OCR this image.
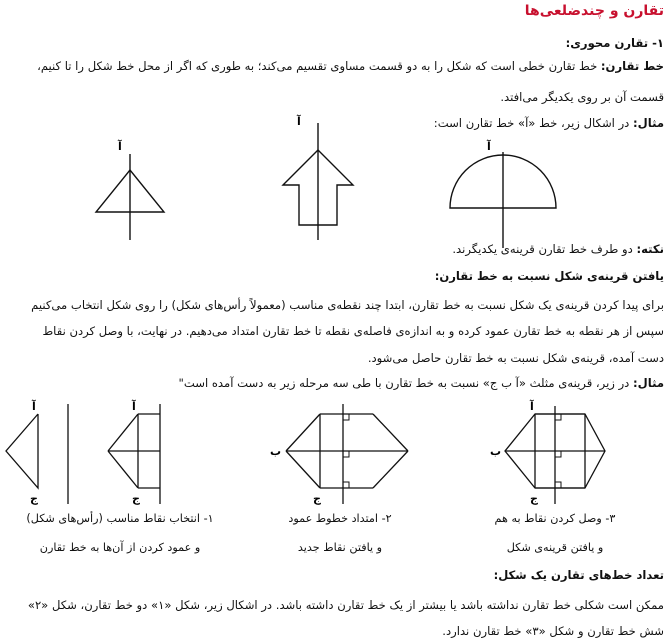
تقارن و چندضلعی‌ها
۱- تقارن محوری:
خط تقارن: خط تقارن خطی است که شکل را به دو قسمت مساوی تقسیم می‌کند؛ به طوری که اگر از محل خط شکل را تا کنیم،
قسمت آن بر روی یکدیگر می‌افتد.
مثال: در اشکال زیر، خط «آ» خط تقارن است:
آ
آ
آ
نکته: دو طرف خط تقارن قرینه‌ی یکدیگرند.
یافتن قرینه‌ی شکل نسبت به خط تقارن:
برای پیدا کردن قرینه‌ی یک شکل نسبت به خط تقارن، ابتدا چند نقطه‌ی مناسب (معمولاً رأس‌های شکل) را روی شکل انتخاب می‌کنیم
سپس از هر نقطه به خط تقارن عمود کرده و به اندازه‌ی فاصله‌ی نقطه تا خط تقارن امتداد می‌دهیم. در نهایت، با وصل کردن نقاط
دست آمده، قرینه‌ی شکل نسبت به خط تقارن حاصل می‌شود.
مثال: در زیر، قرینه‌ی مثلث «آ ب ج» نسبت به خط تقارن با طی سه مرحله زیر به دست آمده است"
آ
ب
ج
ب
ج
آ
ج
آ
ج
۱- انتخاب نقاط مناسب (رأس‌های شکل)
و عمود کردن از آن‌ها به خط تقارن
۲- امتداد خطوط عمود
و یافتن نقاط جدید
۳- وصل کردن نقاط به هم
و یافتن قرینه‌ی شکل
تعداد خط‌های تقارن یک شکل:
ممکن است شکلی خط تقارن نداشته باشد یا بیشتر از یک خط تقارن داشته باشد. در اشکال زیر، شکل «۱» دو خط تقارن، شکل «۲»
شش خط تقارن و شکل «۳» خط تقارن ندارد.
